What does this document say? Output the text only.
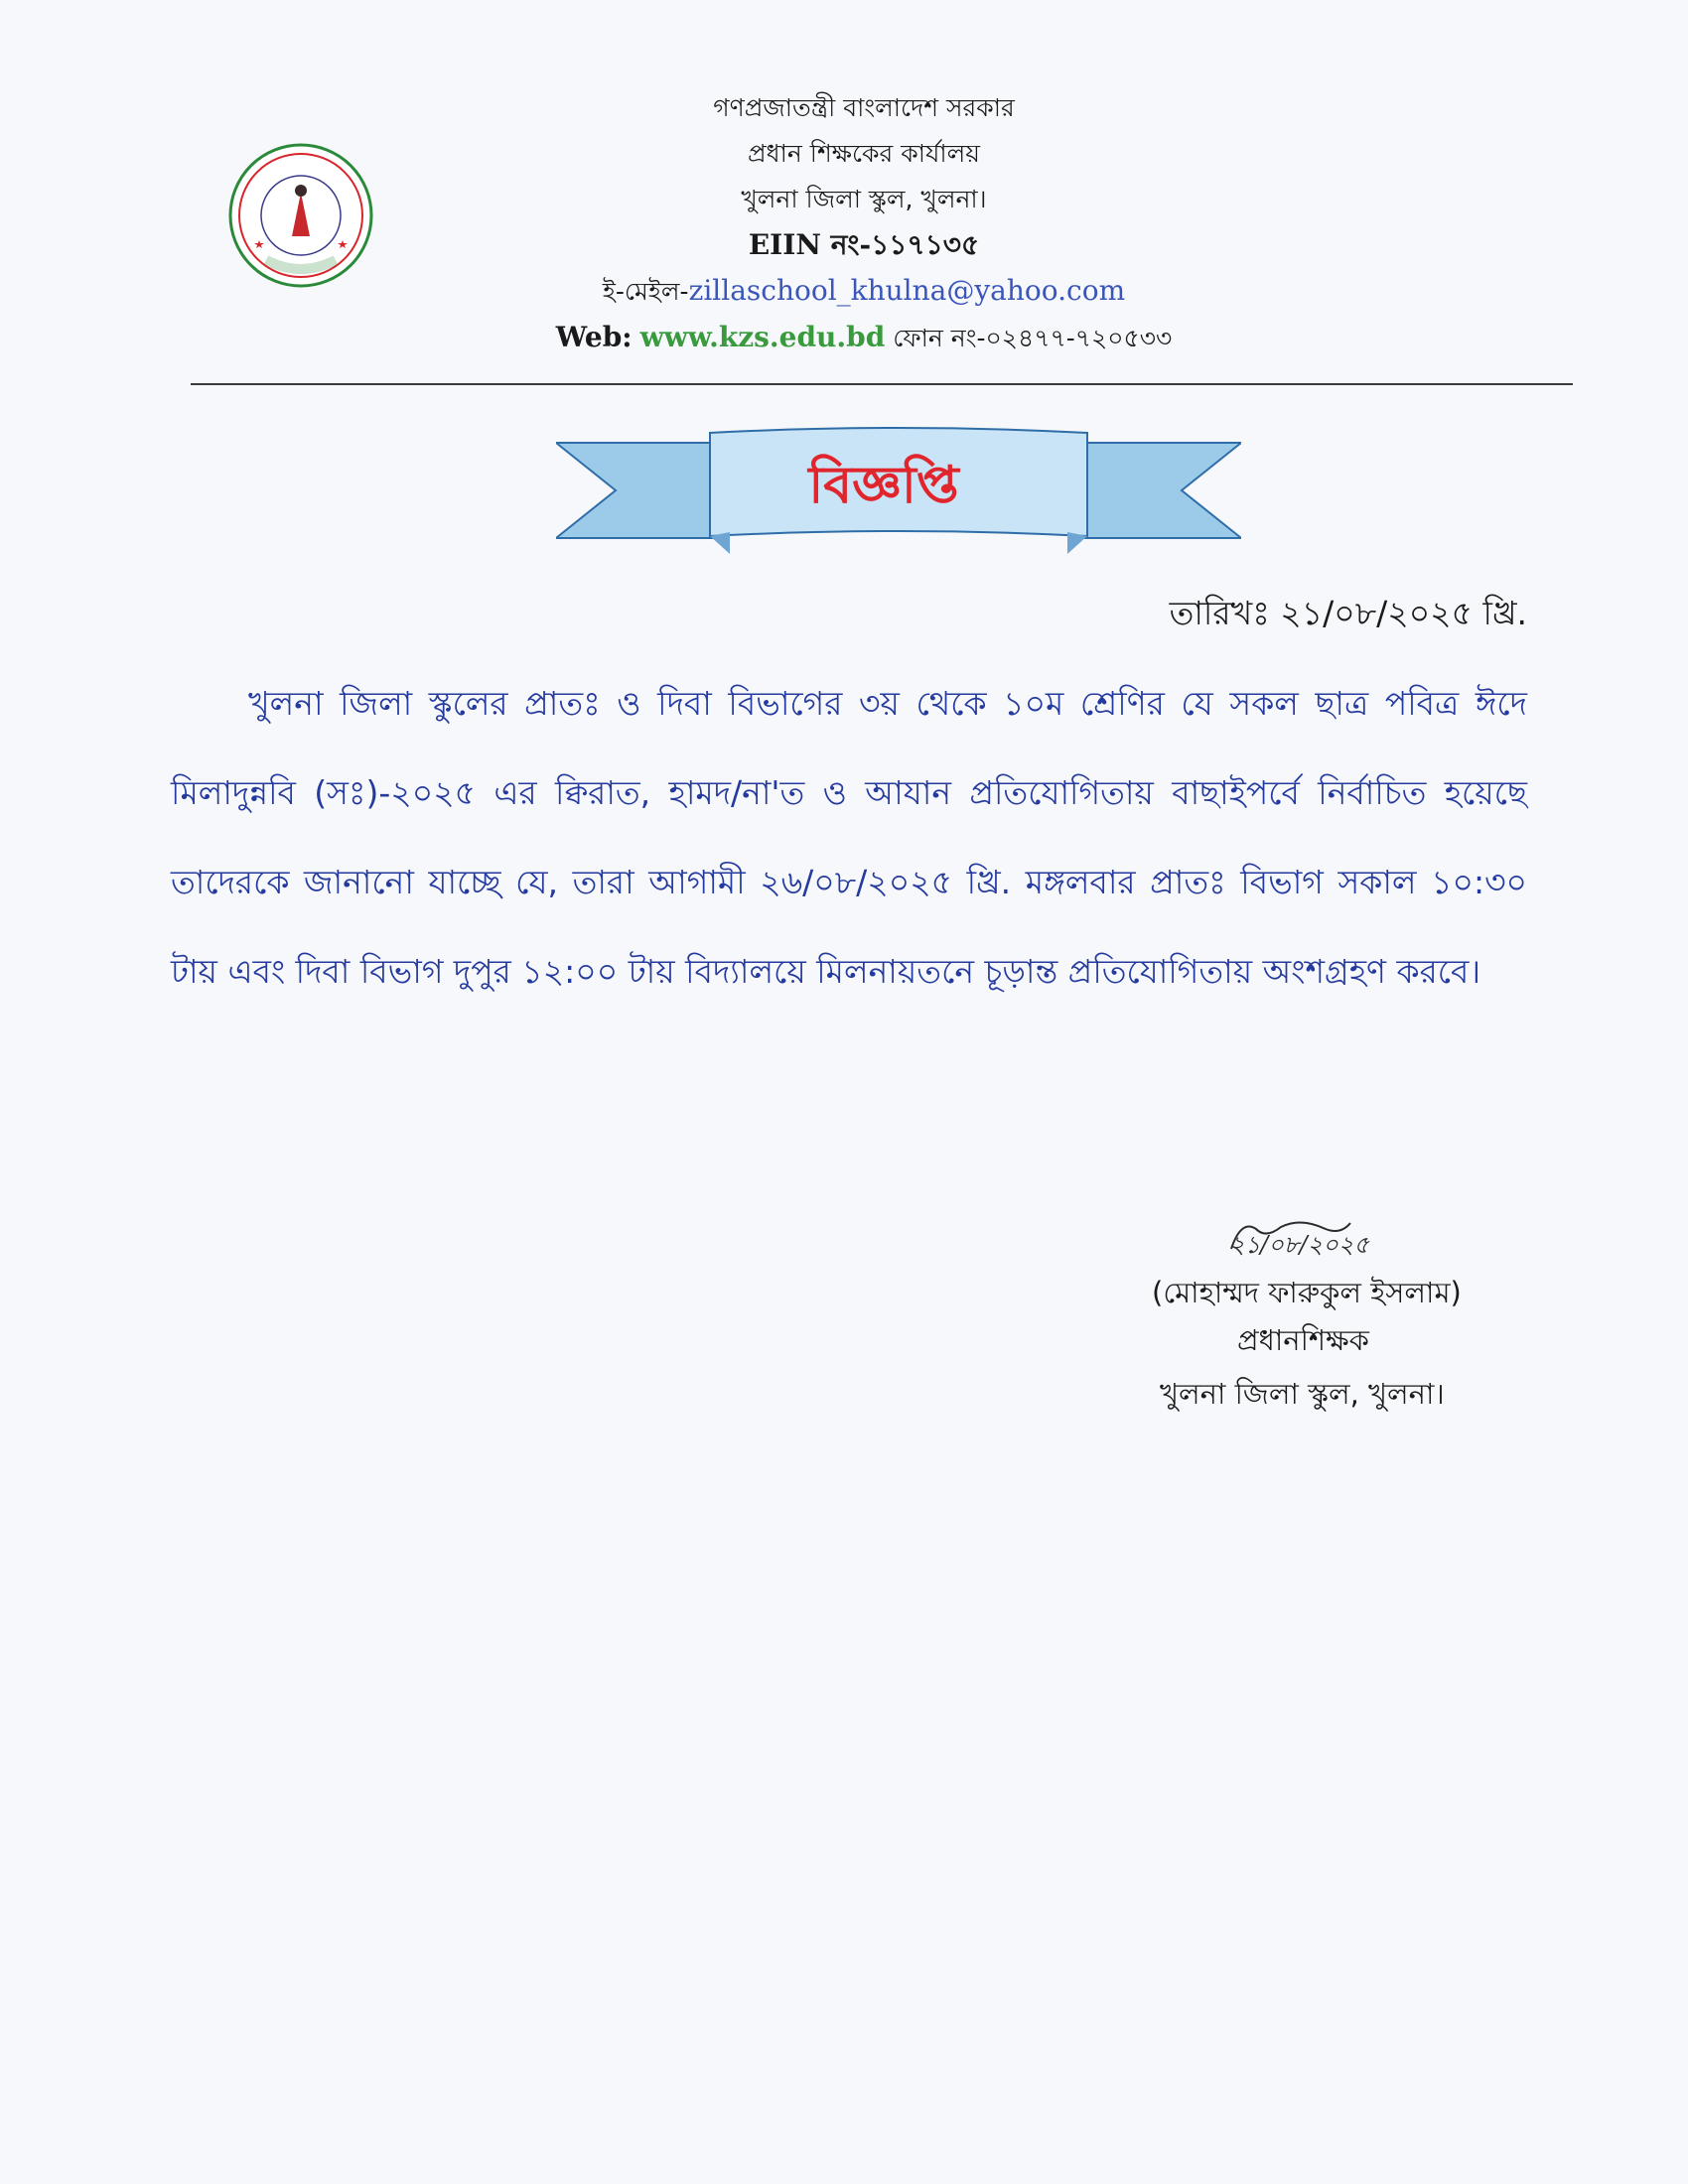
গণপ্রজাতন্ত্রী বাংলাদেশ সরকার
প্রধান শিক্ষকের কার্যালয়
খুলনা জিলা স্কুল, খুলনা।
EIIN নং-১১৭১৩৫
ই-মেইল-zillaschool_khulna@yahoo.com
Web: www.kzs.edu.bd ফোন নং-০২৪৭৭-৭২০৫৩৩
বিজ্ঞপ্তি
তারিখঃ ২১/০৮/২০২৫ খ্রি.
খুলনা জিলা স্কুলের প্রাতঃ ও দিবা বিভাগের ৩য় থেকে ১০ম শ্রেণির যে সকল ছাত্র পবিত্র ঈদে মিলাদুন্নবি (সঃ)-২০২৫ এর ক্বিরাত, হামদ/না'ত ও আযান প্রতিযোগিতায় বাছাইপর্বে নির্বাচিত হয়েছে তাদেরকে জানানো যাচ্ছে যে, তারা আগামী ২৬/০৮/২০২৫ খ্রি. মঙ্গলবার প্রাতঃ বিভাগ সকাল ১০:৩০ টায় এবং দিবা বিভাগ দুপুর ১২:০০ টায় বিদ্যালয়ে মিলনায়তনে চূড়ান্ত প্রতিযোগিতায় অংশগ্রহণ করবে।
২১/০৮/২০২৫
(মোহাম্মদ ফারুকুল ইসলাম)
প্রধানশিক্ষক
খুলনা জিলা স্কুল, খুলনা।
